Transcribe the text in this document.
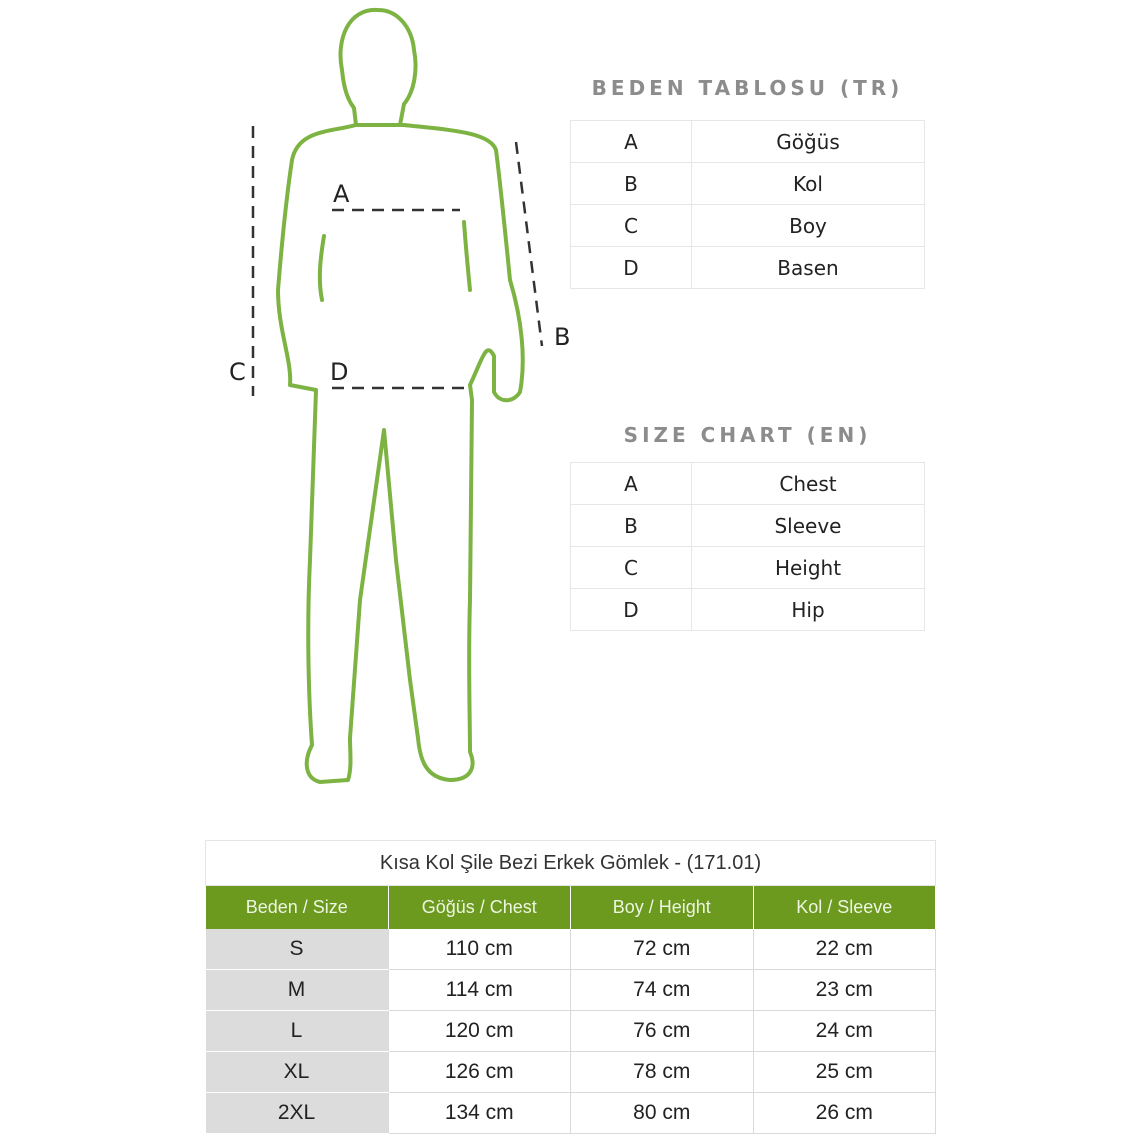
A
B
C	D
BEDEN TABLOSU (TR)
A	Göğüs
B	Kol
C	Boy
D	Basen
SIZE CHART (EN)
A	Chest
B	Sleeve
C	Height
D	Hip
Kısa Kol Şile Bezi Erkek Gömlek - (171.01)			
Beden / Size	Göğüs / Chest	Boy / Height	Kol / Sleeve
S	110 cm	72 cm	22 cm
M	114 cm	74 cm	23 cm
L	120 cm	76 cm	24 cm
XL	126 cm	78 cm	25 cm
2XL	134 cm	80 cm	26 cm
